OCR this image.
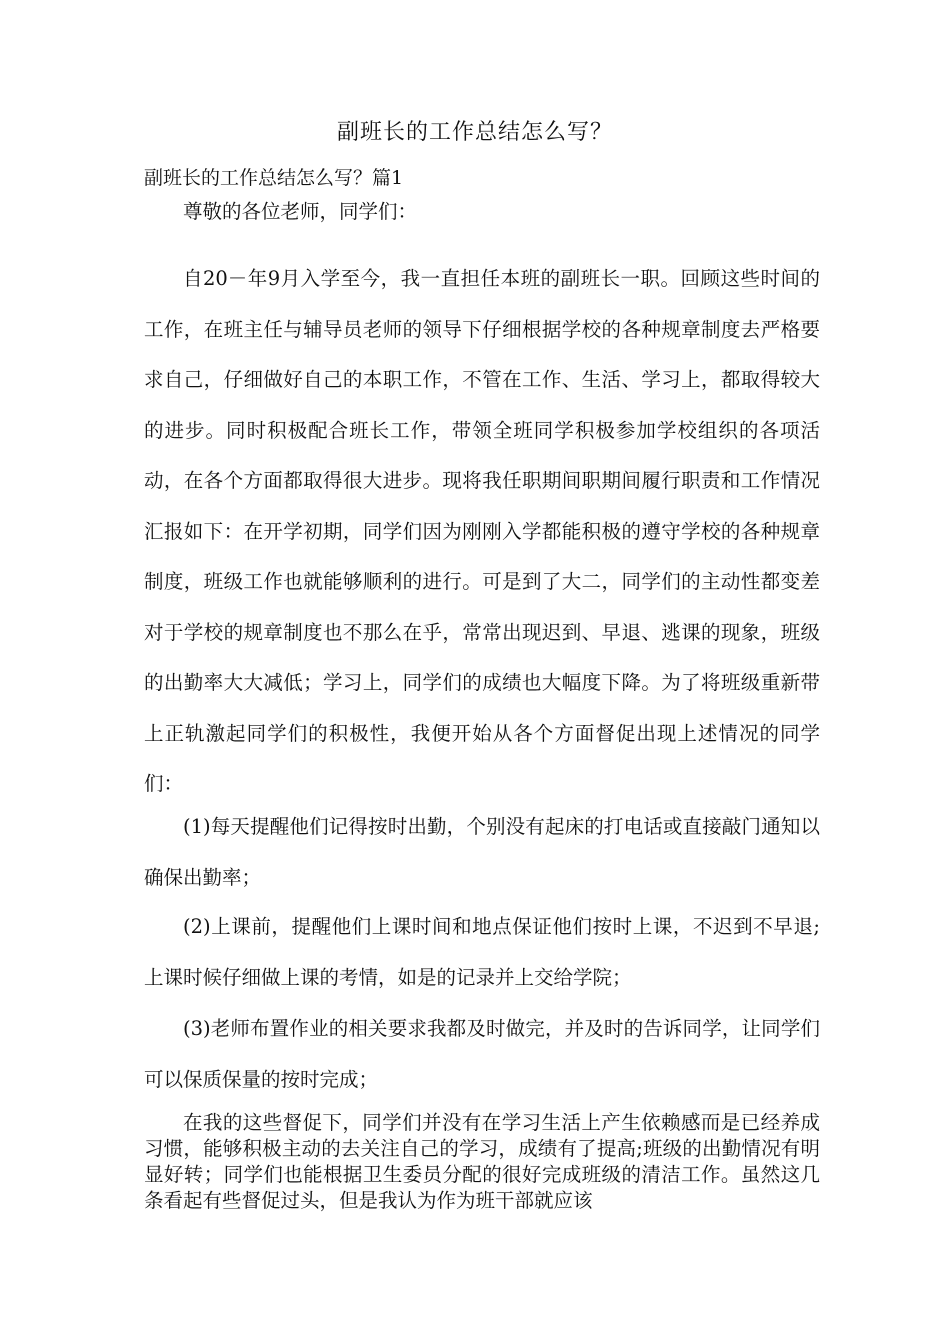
副班长的工作总结怎么写？
副班长的工作总结怎么写？篇1

尊敬的各位老师，同学们：

自20－年9月入学至今，我一直担任本班的副班长一职。回顾这些时间的工作，在班主任与辅导员老师的领导下仔细根据学校的各种规章制度去严格要求自己，仔细做好自己的本职工作，不管在工作、生活、学习上，都取得较大的进步。同时积极配合班长工作，带领全班同学积极参加学校组织的各项活动，在各个方面都取得很大进步。现将我任职期间职期间履行职责和工作情况汇报如下：在开学初期，同学们因为刚刚入学都能积极的遵守学校的各种规章制度，班级工作也就能够顺利的进行。可是到了大二，同学们的主动性都变差对于学校的规章制度也不那么在乎，常常出现迟到、早退、逃课的现象，班级的出勤率大大减低；学习上，同学们的成绩也大幅度下降。为了将班级重新带上正轨激起同学们的积极性，我便开始从各个方面督促出现上述情况的同学们：

(1)每天提醒他们记得按时出勤，个别没有起床的打电话或直接敲门通知以确保出勤率；

(2)上课前，提醒他们上课时间和地点保证他们按时上课，不迟到不早退;上课时候仔细做上课的考情，如是的记录并上交给学院；

(3)老师布置作业的相关要求我都及时做完，并及时的告诉同学，让同学们可以保质保量的按时完成；

在我的这些督促下，同学们并没有在学习生活上产生依赖感而是已经养成习惯，能够积极主动的去关注自己的学习，成绩有了提高;班级的出勤情况有明显好转；同学们也能根据卫生委员分配的很好完成班级的清洁工作。虽然这几条看起有些督促过头，但是我认为作为班干部就应该
